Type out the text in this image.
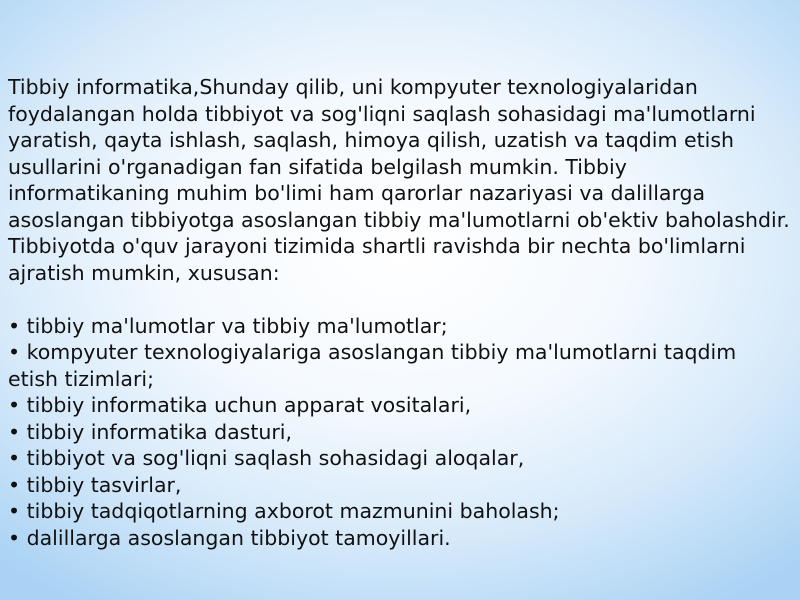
Tibbiy informatika,Shunday qilib, uni kompyuter texnologiyalaridan foydalangan holda tibbiyot va sog'liqni saqlash sohasidagi ma'lumotlarni yaratish, qayta ishlash, saqlash, himoya qilish, uzatish va taqdim etish usullarini o'rganadigan fan sifatida belgilash mumkin. Tibbiy informatikaning muhim bo'limi ham qarorlar nazariyasi va dalillarga asoslangan tibbiyotga asoslangan tibbiy ma'lumotlarni ob'ektiv baholashdir. Tibbiyotda o'quv jarayoni tizimida shartli ravishda bir nechta bo'limlarni ajratish mumkin, xususan:

• tibbiy ma'lumotlar va tibbiy ma'lumotlar;
• kompyuter texnologiyalariga asoslangan tibbiy ma'lumotlarni taqdim etish tizimlari;
• tibbiy informatika uchun apparat vositalari,
• tibbiy informatika dasturi,
• tibbiyot va sog'liqni saqlash sohasidagi aloqalar,
• tibbiy tasvirlar,
• tibbiy tadqiqotlarning axborot mazmunini baholash;
• dalillarga asoslangan tibbiyot tamoyillari.
